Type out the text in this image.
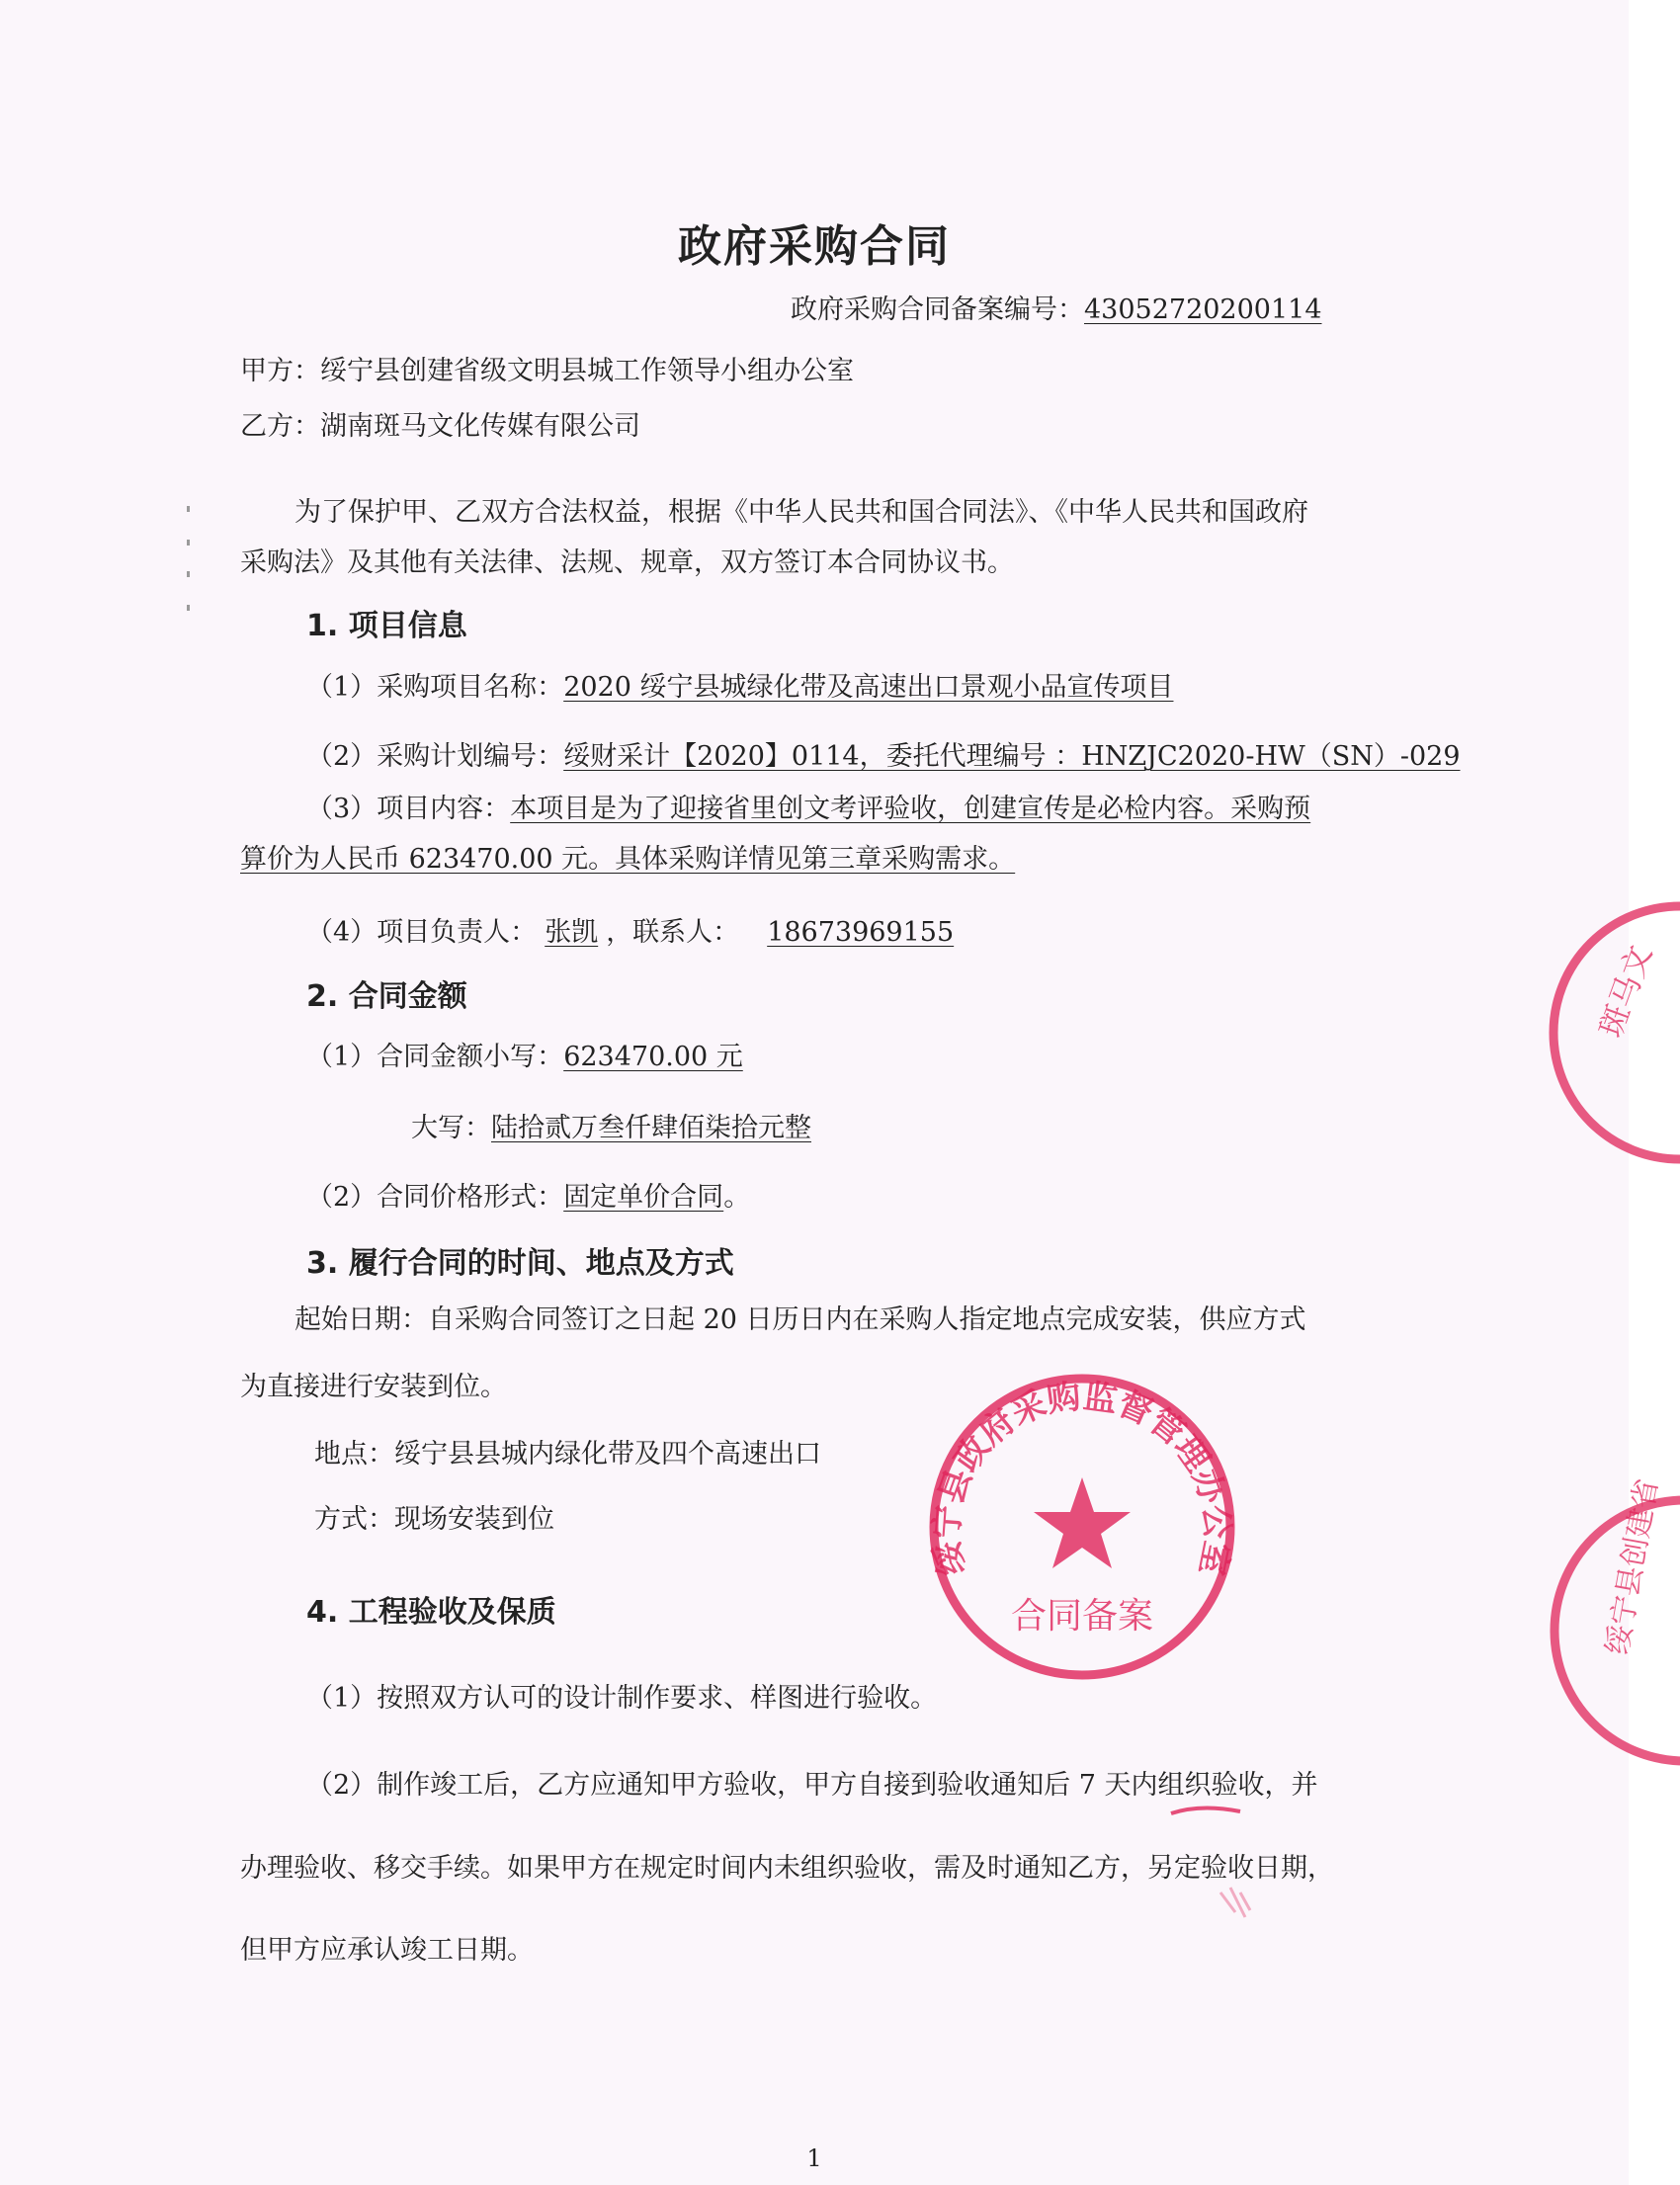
政府采购合同
政府采购合同备案编号：43052720200114
甲方：绥宁县创建省级文明县城工作领导小组办公室
乙方：湖南斑马文化传媒有限公司
为了保护甲、乙双方合法权益，根据《中华人民共和国合同法》、《中华人民共和国政府
采购法》及其他有关法律、法规、规章，双方签订本合同协议书。
1. 项目信息
（1）采购项目名称：2020 绥宁县城绿化带及高速出口景观小品宣传项目
（2）采购计划编号：绥财采计【2020】0114，委托代理编号 ：HNZJC2020-HW（SN）-029
（3）项目内容：本项目是为了迎接省里创文考评验收，创建宣传是必检内容。采购预
算价为人民币 623470.00 元。具体采购详情见第三章采购需求。
（4）项目负责人： 张凯 ，联系人： 18673969155
2. 合同金额
（1）合同金额小写：623470.00 元
大写：陆拾贰万叁仟肆佰柒拾元整
（2）合同价格形式：固定单价合同。
3. 履行合同的时间、地点及方式
起始日期：自采购合同签订之日起 20 日历日内在采购人指定地点完成安装，供应方式
为直接进行安装到位。
地点：绥宁县县城内绿化带及四个高速出口
方式：现场安装到位
4. 工程验收及保质
（1）按照双方认可的设计制作要求、样图进行验收。
（2）制作竣工后，乙方应通知甲方验收，甲方自接到验收通知后 7 天内组织验收，并
办理验收、移交手续。如果甲方在规定时间内未组织验收，需及时通知乙方，另定验收日期，
但甲方应承认竣工日期。
1
绥宁县政府采购监督管理办公室
合同备案
斑马文
绥宁县创建省
